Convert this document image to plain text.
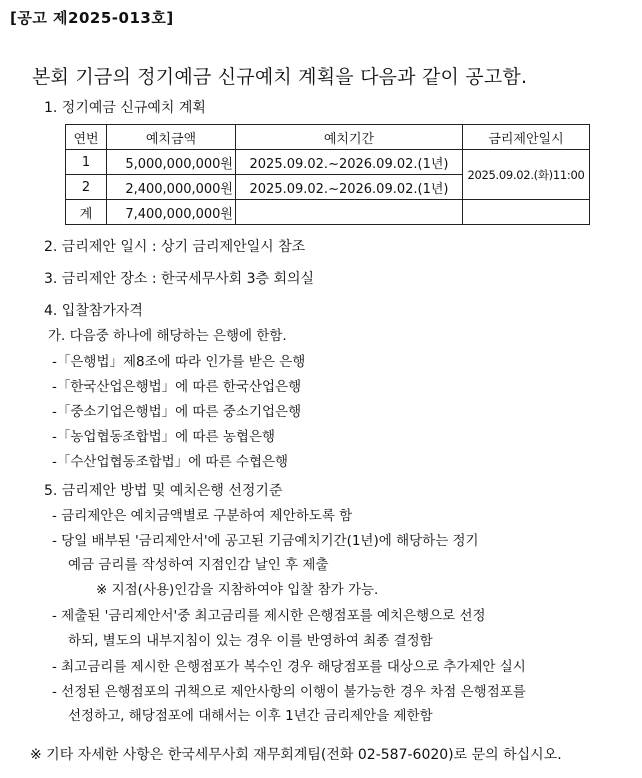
[공고 제2025-013호]
본회 기금의 정기예금 신규예치 계획을 다음과 같이 공고함.
1. 정기예금 신규예치 계획
연번	예치금액	예치기간	금리제안일시
1	5,000,000,000원	2025.09.02.~2026.09.02.(1년)	2025.09.02.(화)11:00
2	2,400,000,000원	2025.09.02.~2026.09.02.(1년)	
계	7,400,000,000원		
2. 금리제안 일시 : 상기 금리제안일시 참조
3. 금리제안 장소 : 한국세무사회 3층 회의실
4. 입찰참가자격
가. 다음중 하나에 해당하는 은행에 한함.
-「은행법」제8조에 따라 인가를 받은 은행
-「한국산업은행법」에 따른 한국산업은행
-「중소기업은행법」에 따른 중소기업은행
-「농업협동조합법」에 따른 농협은행
-「수산업협동조합법」에 따른 수협은행
5. 금리제안 방법 및 예치은행 선정기준
- 금리제안은 예치금액별로 구분하여 제안하도록 함
- 당일 배부된 '금리제안서'에 공고된 기금예치기간(1년)에 해당하는 정기
예금 금리를 작성하여 지점인감 날인 후 제출
※ 지점(사용)인감을 지참하여야 입찰 참가 가능.
- 제출된 '금리제안서'중 최고금리를 제시한 은행점포를 예치은행으로 선정
하되, 별도의 내부지침이 있는 경우 이를 반영하여 최종 결정함
- 최고금리를 제시한 은행점포가 복수인 경우 해당점포를 대상으로 추가제안 실시
- 선정된 은행점포의 귀책으로 제안사항의 이행이 불가능한 경우 차점 은행점포를
선정하고, 해당점포에 대해서는 이후 1년간 금리제안을 제한함
※ 기타 자세한 사항은 한국세무사회 재무회계팀(전화 02-587-6020)로 문의 하십시오.
